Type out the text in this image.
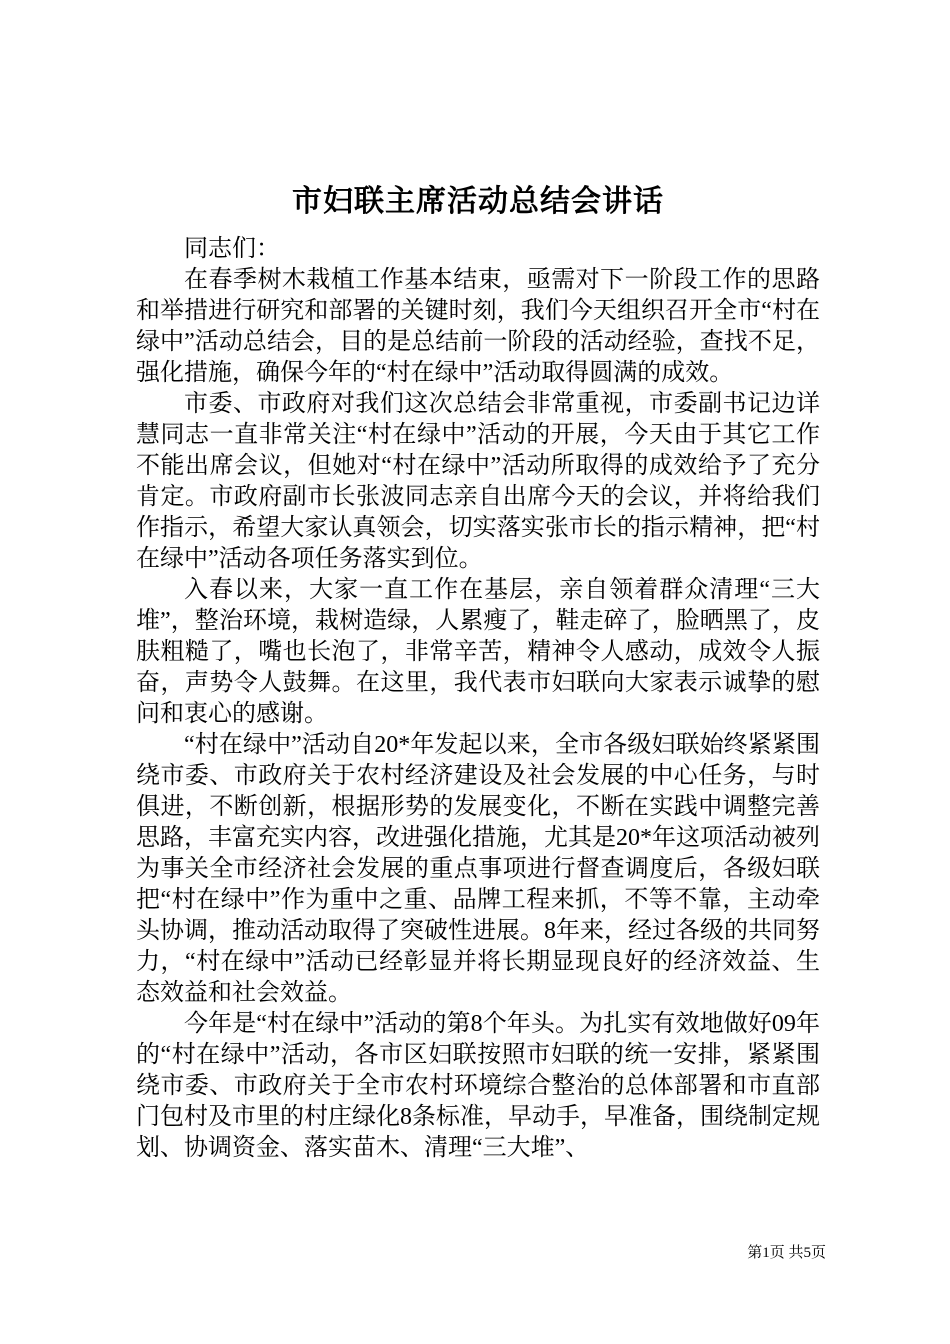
市妇联主席活动总结会讲话

同志们：

在春季树木栽植工作基本结束，亟需对下一阶段工作的思路和举措进行研究和部署的关键时刻，我们今天组织召开全市“村在绿中”活动总结会，目的是总结前一阶段的活动经验，查找不足，强化措施，确保今年的“村在绿中”活动取得圆满的成效。

市委、市政府对我们这次总结会非常重视，市委副书记边详慧同志一直非常关注“村在绿中”活动的开展，今天由于其它工作不能出席会议，但她对“村在绿中”活动所取得的成效给予了充分肯定。市政府副市长张波同志亲自出席今天的会议，并将给我们作指示，希望大家认真领会，切实落实张市长的指示精神，把“村在绿中”活动各项任务落实到位。

入春以来，大家一直工作在基层，亲自领着群众清理“三大堆”，整治环境，栽树造绿，人累瘦了，鞋走碎了，脸晒黑了，皮肤粗糙了，嘴也长泡了，非常辛苦，精神令人感动，成效令人振奋，声势令人鼓舞。在这里，我代表市妇联向大家表示诚挚的慰问和衷心的感谢。

“村在绿中”活动自20*年发起以来，全市各级妇联始终紧紧围绕市委、市政府关于农村经济建设及社会发展的中心任务，与时俱进，不断创新，根据形势的发展变化，不断在实践中调整完善思路，丰富充实内容，改进强化措施，尤其是20*年这项活动被列为事关全市经济社会发展的重点事项进行督查调度后，各级妇联把“村在绿中”作为重中之重、品牌工程来抓，不等不靠，主动牵头协调，推动活动取得了突破性进展。8年来，经过各级的共同努力，“村在绿中”活动已经彰显并将长期显现良好的经济效益、生态效益和社会效益。

今年是“村在绿中”活动的第8个年头。为扎实有效地做好09年的“村在绿中”活动，各市区妇联按照市妇联的统一安排，紧紧围绕市委、市政府关于全市农村环境综合整治的总体部署和市直部门包村及市里的村庄绿化8条标准，早动手，早准备，围绕制定规划、协调资金、落实苗木、清理“三大堆”、

第1页 共5页
